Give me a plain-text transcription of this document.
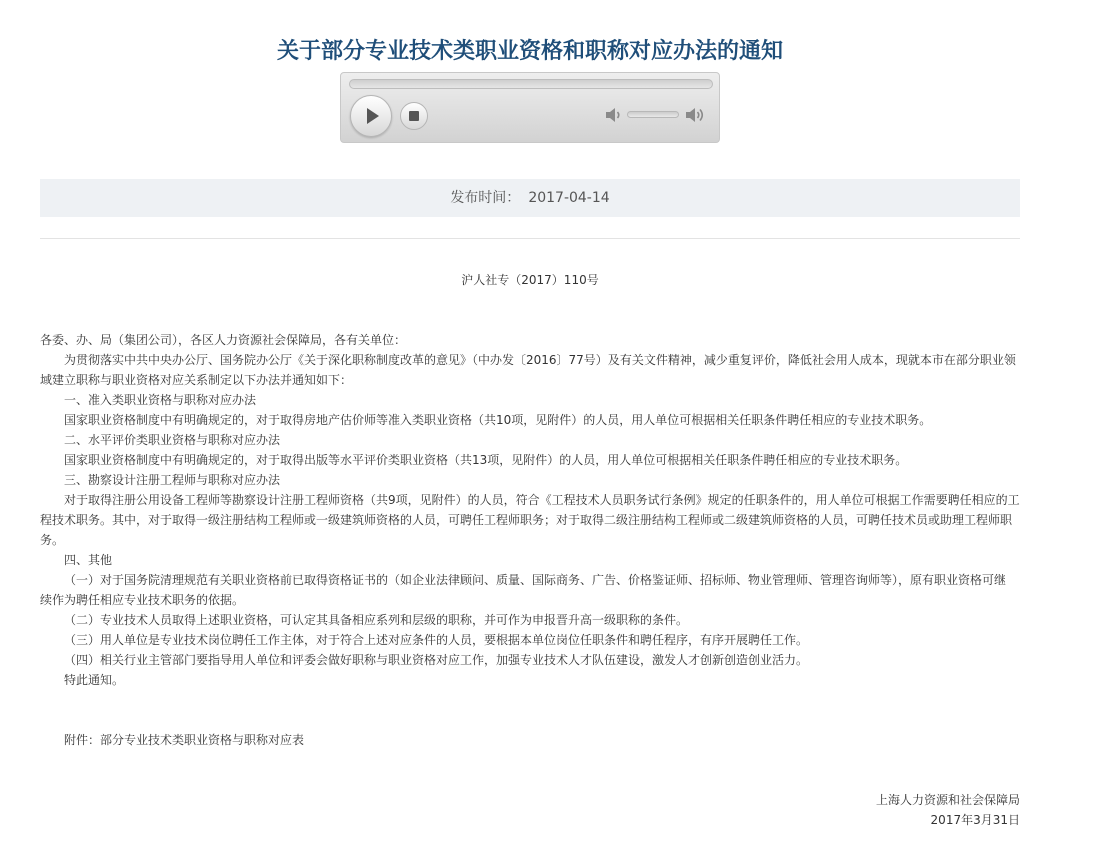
关于部分专业技术类职业资格和职称对应办法的通知
发布时间： 2017-04-14
沪人社专（2017）110号
各委、办、局（集团公司），各区人力资源社会保障局，各有关单位：
为贯彻落实中共中央办公厅、国务院办公厅《关于深化职称制度改革的意见》（中办发〔2016〕77号）及有关文件精神，减少重复评价，降低社会用人成本，现就本市在部分职业领
域建立职称与职业资格对应关系制定以下办法并通知如下：
一、准入类职业资格与职称对应办法
国家职业资格制度中有明确规定的，对于取得房地产估价师等准入类职业资格（共10项，见附件）的人员，用人单位可根据相关任职条件聘任相应的专业技术职务。
二、水平评价类职业资格与职称对应办法
国家职业资格制度中有明确规定的，对于取得出版等水平评价类职业资格（共13项，见附件）的人员，用人单位可根据相关任职条件聘任相应的专业技术职务。
三、勘察设计注册工程师与职称对应办法
对于取得注册公用设备工程师等勘察设计注册工程师资格（共9项，见附件）的人员，符合《工程技术人员职务试行条例》规定的任职条件的，用人单位可根据工作需要聘任相应的工
程技术职务。其中，对于取得一级注册结构工程师或一级建筑师资格的人员，可聘任工程师职务；对于取得二级注册结构工程师或二级建筑师资格的人员，可聘任技术员或助理工程师职
务。
四、其他
（一）对于国务院清理规范有关职业资格前已取得资格证书的（如企业法律顾问、质量、国际商务、广告、价格鉴证师、招标师、物业管理师、管理咨询师等），原有职业资格可继
续作为聘任相应专业技术职务的依据。
（二）专业技术人员取得上述职业资格，可认定其具备相应系列和层级的职称，并可作为申报晋升高一级职称的条件。
（三）用人单位是专业技术岗位聘任工作主体，对于符合上述对应条件的人员，要根据本单位岗位任职条件和聘任程序，有序开展聘任工作。
（四）相关行业主管部门要指导用人单位和评委会做好职称与职业资格对应工作，加强专业技术人才队伍建设，激发人才创新创造创业活力。
特此通知。
附件：部分专业技术类职业资格与职称对应表
上海人力资源和社会保障局
2017年3月31日
